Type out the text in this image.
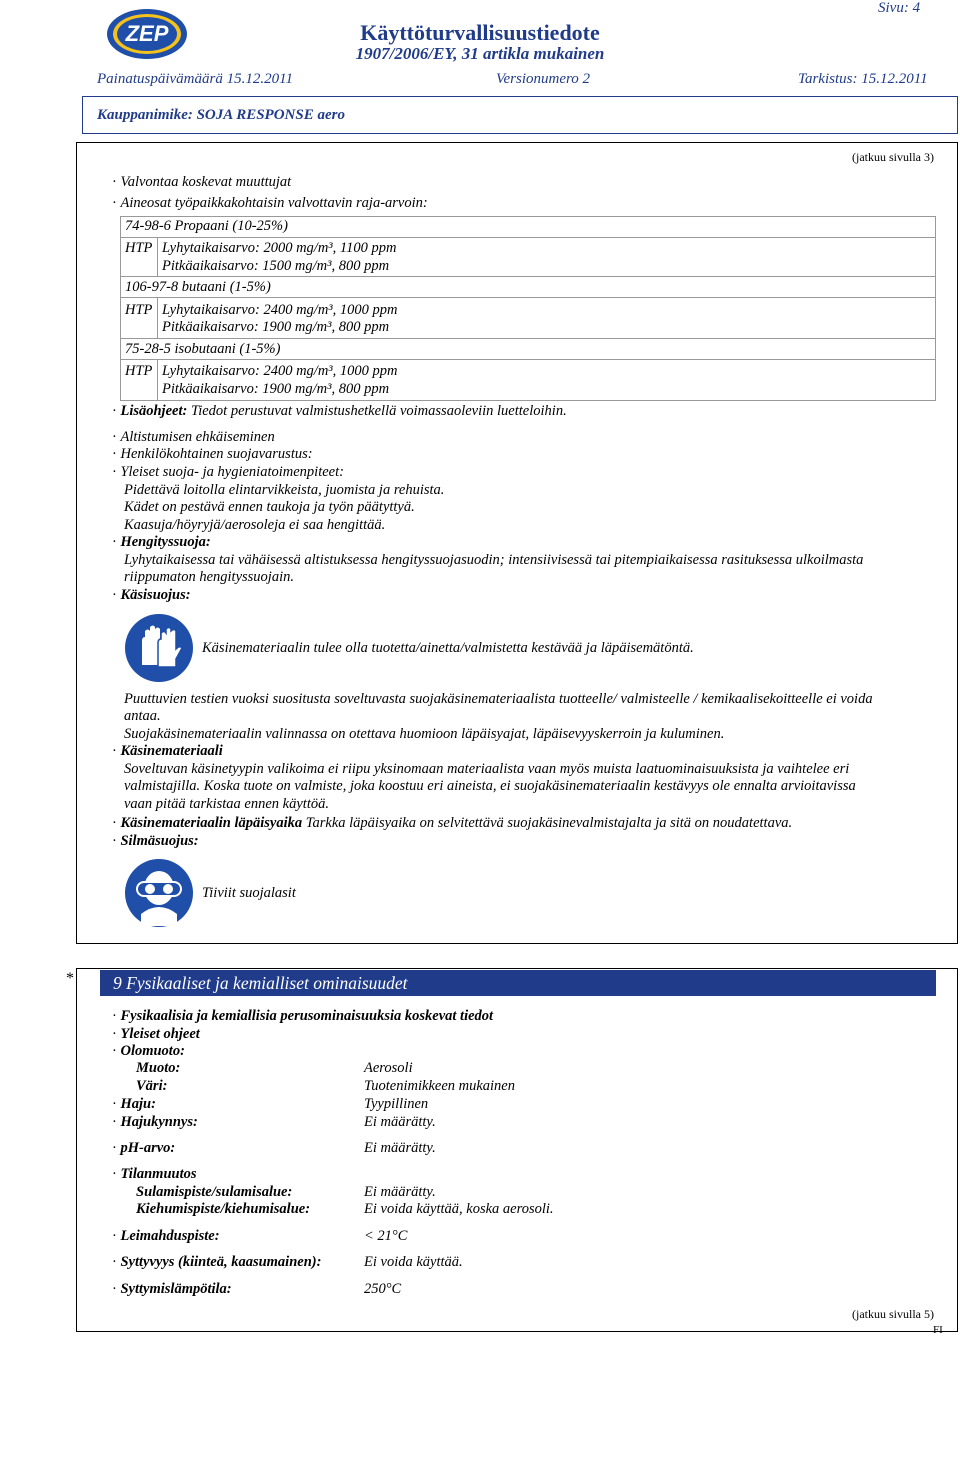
ZEP	Käyttöturvallisuustiedote
1907/2006/EY, 31 artikla mukainen
Sivu: 4
Painatuspäivämäärä 15.12.2011	Versionumero 2	Tarkistus: 15.12.2011
Kauppanimike: SOJA RESPONSE aero
(jatkuu sivulla 3)
· Valvontaa koskevat muuttujat
· Aineosat työpaikkakohtaisin valvottavin raja-arvoin:
74-98-6 Propaani (10-25%)
HTP Lyhytaikaisarvo: 2000 mg/m³, 1100 ppm
Pitkäaikaisarvo: 1500 mg/m³, 800 ppm
106-97-8 butaani (1-5%)
HTP Lyhytaikaisarvo: 2400 mg/m³, 1000 ppm
Pitkäaikaisarvo: 1900 mg/m³, 800 ppm
75-28-5 isobutaani (1-5%)
HTP Lyhytaikaisarvo: 2400 mg/m³, 1000 ppm
Pitkäaikaisarvo: 1900 mg/m³, 800 ppm
· Lisäohjeet: Tiedot perustuvat valmistushetkellä voimassaoleviin luetteloihin.
· Altistumisen ehkäiseminen
· Henkilökohtainen suojavarustus:
· Yleiset suoja- ja hygieniatoimenpiteet:
Pidettävä loitolla elintarvikkeista, juomista ja rehuista.
Kädet on pestävä ennen taukoja ja työn päätyttyä.
Kaasuja/höyryjä/aerosoleja ei saa hengittää.
· Hengityssuoja:
Lyhytaikaisessa tai vähäisessä altistuksessa hengityssuojasuodin; intensiivisessä tai pitempiaikaisessa rasituksessa ulkoilmasta
riippumaton hengityssuojain.
· Käsisuojus:
Käsinemateriaalin tulee olla tuotetta/ainetta/valmistetta kestävää ja läpäisemätöntä.
Puuttuvien testien vuoksi suositusta soveltuvasta suojakäsinemateriaalista tuotteelle/ valmisteelle / kemikaalisekoitteelle ei voida
antaa.
Suojakäsinemateriaalin valinnassa on otettava huomioon läpäisyajat, läpäisevyyskerroin ja kuluminen.
· Käsinemateriaali
Soveltuvan käsinetyypin valikoima ei riipu yksinomaan materiaalista vaan myös muista laatuominaisuuksista ja vaihtelee eri
valmistajilla. Koska tuote on valmiste, joka koostuu eri aineista, ei suojakäsinemateriaalin kestävyys ole ennalta arvioitavissa
vaan pitää tarkistaa ennen käyttöä.
· Käsinemateriaalin läpäisyaika Tarkka läpäisyaika on selvitettävä suojakäsinevalmistajalta ja sitä on noudatettava.
· Silmäsuojus:
Tiiviit suojalasit
*	9 Fysikaaliset ja kemialliset ominaisuudet
· Fysikaalisia ja kemiallisia perusominaisuuksia koskevat tiedot
· Yleiset ohjeet
· Olomuoto:
Muoto:	Aerosoli
Väri:	Tuotenimikkeen mukainen
· Haju:	Tyypillinen
· Hajukynnys:	Ei määrätty.
· pH-arvo:	Ei määrätty.
· Tilanmuutos
Sulamispiste/sulamisalue:	Ei määrätty.
Kiehumispiste/kiehumisalue:	Ei voida käyttää, koska aerosoli.
· Leimahduspiste:	< 21°C
· Syttyvyys (kiinteä, kaasumainen):	Ei voida käyttää.
· Syttymislämpötila:	250°C
(jatkuu sivulla 5)
FI
